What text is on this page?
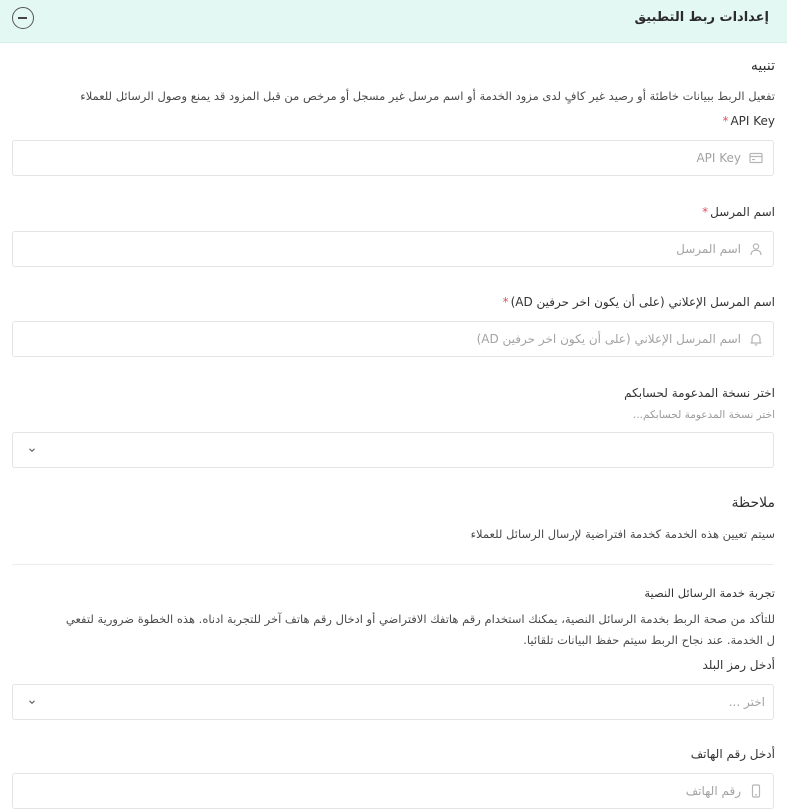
إعدادات ربط التطبيق
تنبيه
تفعيل الربط ببيانات خاطئة أو رصيد غير كافٍ لدى مزود الخدمة أو اسم مرسل غير مسجل أو مرخص من قبل المزود قد يمنع وصول الرسائل للعملاء
API Key*
API Key
اسم المرسل*
اسم المرسل
اسم المرسل الإعلاني (على أن يكون اخر حرفين AD)*
اسم المرسل الإعلاني (على أن يكون اخر حرفين AD)
اختر نسخة المدعومة لحسابكم
اختر نسخة المدعومة لحسابكم...
ملاحظة
سيتم تعيين هذه الخدمة كخدمة افتراضية لإرسال الرسائل للعملاء
تجربة خدمة الرسائل النصية
للتأكد من صحة الربط بخدمة الرسائل النصية، يمكنك استخدام رقم هاتفك الافتراضي أو ادخال رقم هاتف آخر للتجربة ادناه. هذه الخطوة ضرورية لتفعي
ل الخدمة. عند نجاح الربط سيتم حفظ البيانات تلقائيا.
أدخل رمز البلد
اختر ...
أدخل رقم الهاتف
رقم الهاتف
